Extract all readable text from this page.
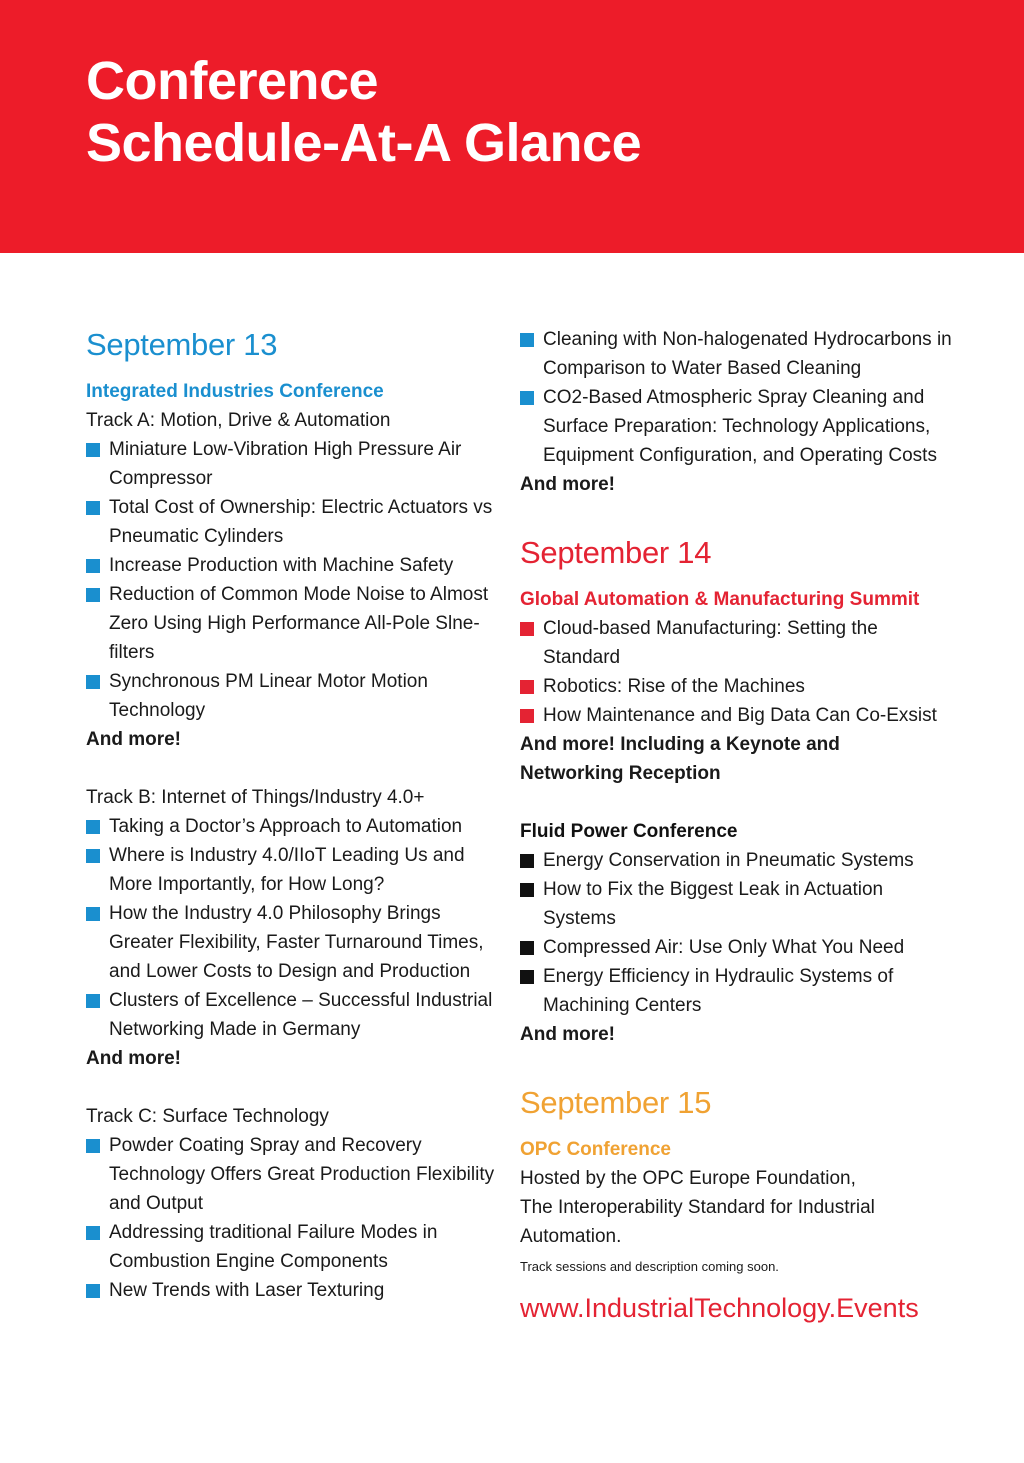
Conference
Schedule-At-A Glance
September 13

Integrated Industries Conference

Track A: Motion, Drive & Automation

Miniature Low-Vibration High Pressure Air Compressor
Total Cost of Ownership: Electric Actuators vs Pneumatic Cylinders
Increase Production with Machine Safety
Reduction of Common Mode Noise to Almost Zero Using High Performance All-Pole Slne-filters
Synchronous PM Linear Motor Motion Technology

And more!

Track B: Internet of Things/Industry 4.0+

Taking a Doctor’s Approach to Automation
Where is Industry 4.0/IIoT Leading Us and More Importantly, for How Long?
How the Industry 4.0 Philosophy Brings Greater Flexibility, Faster Turnaround Times, and Lower Costs to Design and Production
Clusters of Excellence – Successful Industrial Networking Made in Germany

And more!

Track C: Surface Technology

Powder Coating Spray and Recovery Technology Offers Great Production Flexibility and Output
Addressing traditional Failure Modes in Combustion Engine Components
New Trends with Laser Texturing
Cleaning with Non-halogenated Hydrocarbons in Comparison to Water Based Cleaning
CO2-Based Atmospheric Spray Cleaning and Surface Preparation: Technology Applications, Equipment Configuration, and Operating Costs

And more!

September 14

Global Automation & Manufacturing Summit

Cloud-based Manufacturing: Setting the Standard
Robotics: Rise of the Machines
How Maintenance and Big Data Can Co-Exsist

And more! Including a Keynote and Networking Reception

Fluid Power Conference

Energy Conservation in Pneumatic Systems
How to Fix the Biggest Leak in Actuation Systems
Compressed Air: Use Only What You Need
Energy Efficiency in Hydraulic Systems of Machining Centers

And more!

September 15

OPC Conference

Hosted by the OPC Europe Foundation,

The Interoperability Standard for Industrial Automation.

Track sessions and description coming soon.

www.IndustrialTechnology.Events
